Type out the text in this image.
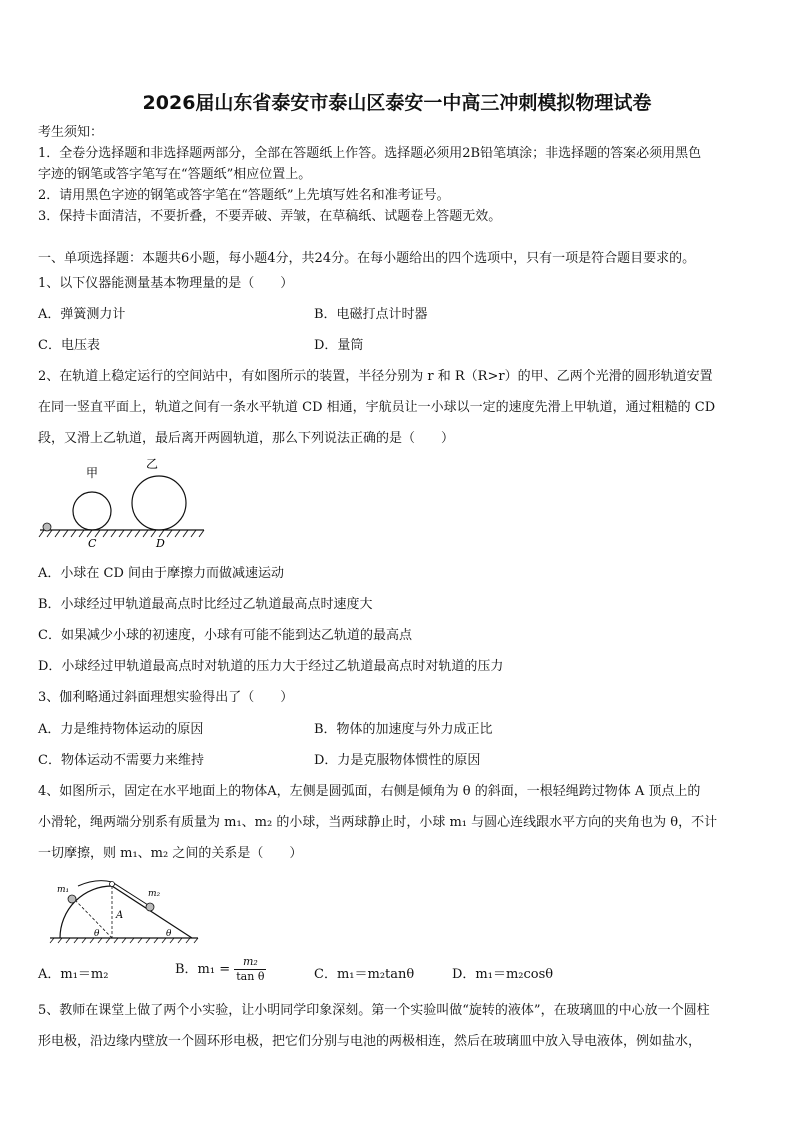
2026届山东省泰安市泰山区泰安一中高三冲刺模拟物理试卷
考生须知：
1．全卷分选择题和非选择题两部分，全部在答题纸上作答。选择题必须用2B铅笔填涂；非选择题的答案必须用黑色
字迹的钢笔或答字笔写在“答题纸”相应位置上。
2．请用黑色字迹的钢笔或答字笔在“答题纸”上先填写姓名和准考证号。
3．保持卡面清洁，不要折叠，不要弄破、弄皱，在草稿纸、试题卷上答题无效。
一、单项选择题：本题共6小题，每小题4分，共24分。在每小题给出的四个选项中，只有一项是符合题目要求的。
1、以下仪器能测量基本物理量的是（　　）
A．弹簧测力计	B．电磁打点计时器
C．电压表	D．量筒
2、在轨道上稳定运行的空间站中，有如图所示的装置，半径分别为 r 和 R（R>r）的甲、乙两个光滑的圆形轨道安置
在同一竖直平面上，轨道之间有一条水平轨道 CD 相通，宇航员让一小球以一定的速度先滑上甲轨道，通过粗糙的 CD
段，又滑上乙轨道，最后离开两圆轨道，那么下列说法正确的是（　　）
甲
乙
C	D
A．小球在 CD 间由于摩擦力而做减速运动
B．小球经过甲轨道最高点时比经过乙轨道最高点时速度大
C．如果减少小球的初速度，小球有可能不能到达乙轨道的最高点
D．小球经过甲轨道最高点时对轨道的压力大于经过乙轨道最高点时对轨道的压力
3、伽利略通过斜面理想实验得出了（　　）
A．力是维持物体运动的原因	B．物体的加速度与外力成正比
C．物体运动不需要力来维持	D．力是克服物体惯性的原因
4、如图所示，固定在水平地面上的物体A，左侧是圆弧面，右侧是倾角为 θ 的斜面，一根轻绳跨过物体 A 顶点上的
小滑轮，绳两端分别系有质量为 m₁、m₂ 的小球，当两球静止时，小球 m₁ 与圆心连线跟水平方向的夹角也为 θ，不计
一切摩擦，则 m₁、m₂ 之间的关系是（　　）
m₁	m₂
A
θ	θ
A．m₁＝m₂	B．$m_1 = \frac{\text{m₂}}{\text{tan θ}}$	C．m₁＝m₂tanθ	D．m₁＝m₂cosθ
5、教师在课堂上做了两个小实验，让小明同学印象深刻。第一个实验叫做“旋转的液体”，在玻璃皿的中心放一个圆柱
形电极，沿边缘内壁放一个圆环形电极，把它们分别与电池的两极相连，然后在玻璃皿中放入导电液体，例如盐水，
